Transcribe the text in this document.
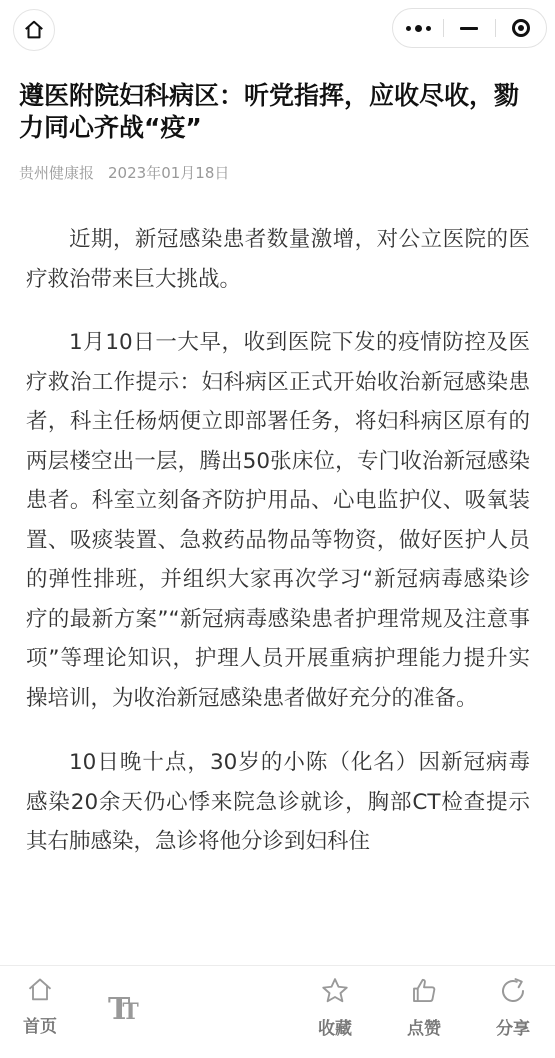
遵医附院妇科病区：听党指挥，应收尽收，勠力同心齐战“疫”
贵州健康报 2023年01月18日

近期，新冠感染患者数量激增，对公立医院的医疗救治带来巨大挑战。

1月10日一大早，收到医院下发的疫情防控及医疗救治工作提示：妇科病区正式开始收治新冠感染患者，科主任杨炳便立即部署任务，将妇科病区原有的两层楼空出一层，腾出50张床位，专门收治新冠感染患者。科室立刻备齐防护用品、心电监护仪、吸氧装置、吸痰装置、急救药品物品等物资，做好医护人员的弹性排班，并组织大家再次学习“新冠病毒感染诊疗的最新方案”“新冠病毒感染患者护理常规及注意事项”等理论知识，护理人员开展重病护理能力提升实操培训，为收治新冠感染患者做好充分的准备。

10日晚十点，30岁的小陈（化名）因新冠病毒感染20余天仍心悸来院急诊就诊，胸部CT检查提示其右肺感染，急诊将他分诊到妇科住

首页 TT
收藏	点赞	分享
